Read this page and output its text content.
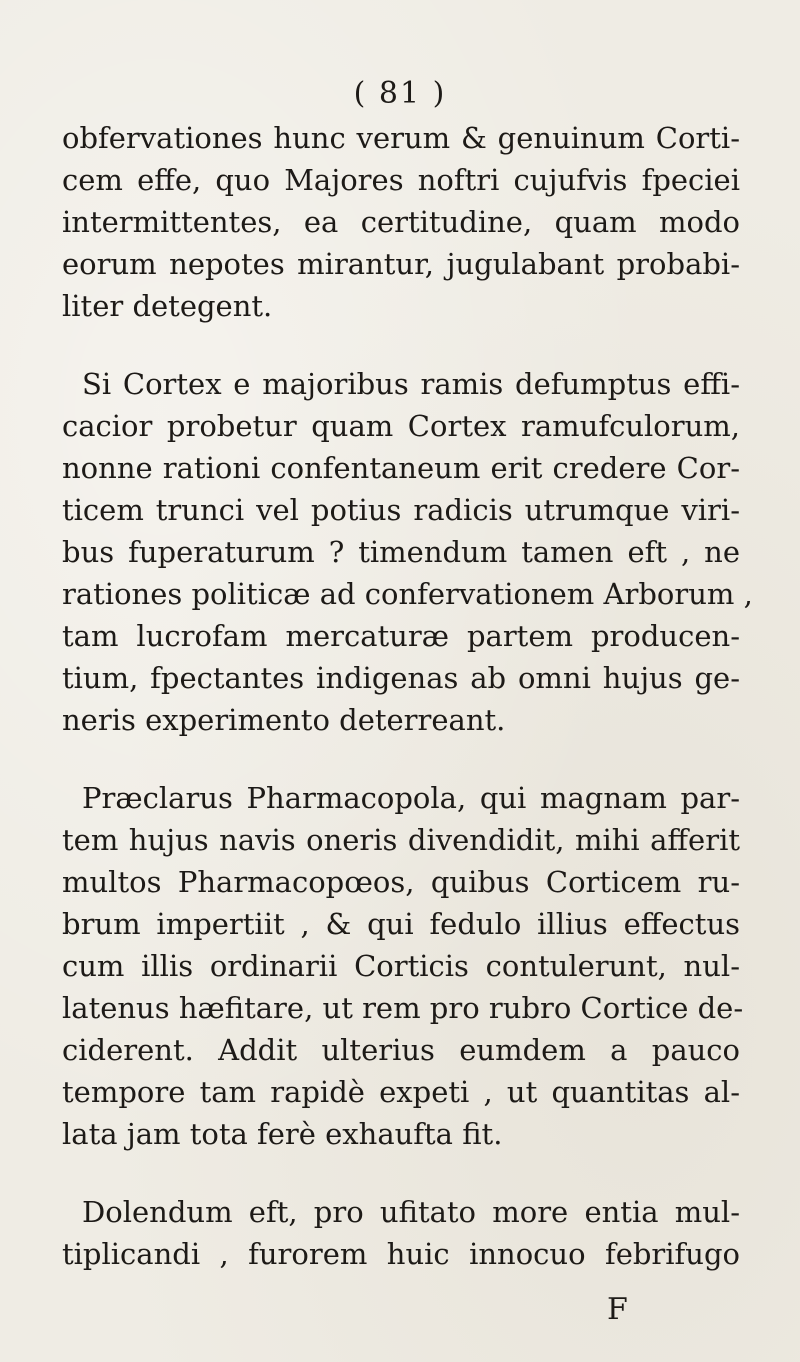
( 81 )
obfervationes hunc verum & genuinum Corti-
cem effe, quo Majores noftri cujufvis fpeciei
intermittentes, ea certitudine, quam modo
eorum nepotes mirantur, jugulabant probabi-
liter detegent.
Si Cortex e majoribus ramis defumptus effi-
cacior probetur quam Cortex ramufculorum,
nonne rationi confentaneum erit credere Cor-
ticem trunci vel potius radicis utrumque viri-
bus fuperaturum ? timendum tamen eft , ne
rationes politicæ ad confervationem Arborum ,
tam lucrofam mercaturæ partem producen-
tium, fpectantes indigenas ab omni hujus ge-
neris experimento deterreant.
Præclarus Pharmacopola, qui magnam par-
tem hujus navis oneris divendidit, mihi afferit
multos Pharmacopœos, quibus Corticem ru-
brum impertiit , & qui fedulo illius effectus
cum illis ordinarii Corticis contulerunt, nul-
latenus hæfitare, ut rem pro rubro Cortice de-
ciderent. Addit ulterius eumdem a pauco
tempore tam rapidè expeti , ut quantitas al-
lata jam tota ferè exhaufta fit.
Dolendum eft, pro ufitato more entia mul-
tiplicandi , furorem huic innocuo febrifugo
F
